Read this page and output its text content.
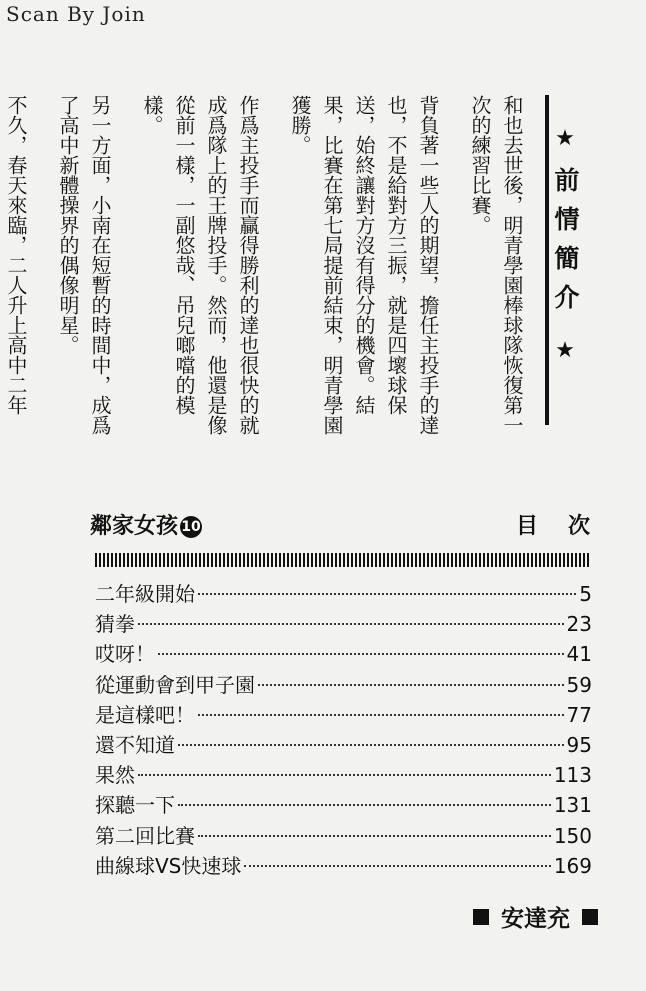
Scan By Join
★
前情簡介
★

和也去世後，明青學園棒球隊恢復第一次的練習比賽。

背負著一些人的期望，擔任主投手的達也，不是給對方三振，就是四壞球保送，始終讓對方沒有得分的機會。結果，比賽在第七局提前結束，明青學園獲勝。

作爲主投手而贏得勝利的達也很快的就成爲隊上的王牌投手。然而，他還是像從前一樣，一副悠哉、吊兒啷噹的模樣。

另一方面，小南在短暫的時間中，成爲了高中新體操界的偶像明星。

不久，春天來臨，二人升上高中二年

鄰家女孩 10	目次
二年級開始	5
猜拳	23
哎呀！	41
從運動會到甲子園	59
是這樣吧！	77
還不知道	95
果然	113
探聽一下	131
第二回比賽	150
曲線球VS快速球	169
安達充
